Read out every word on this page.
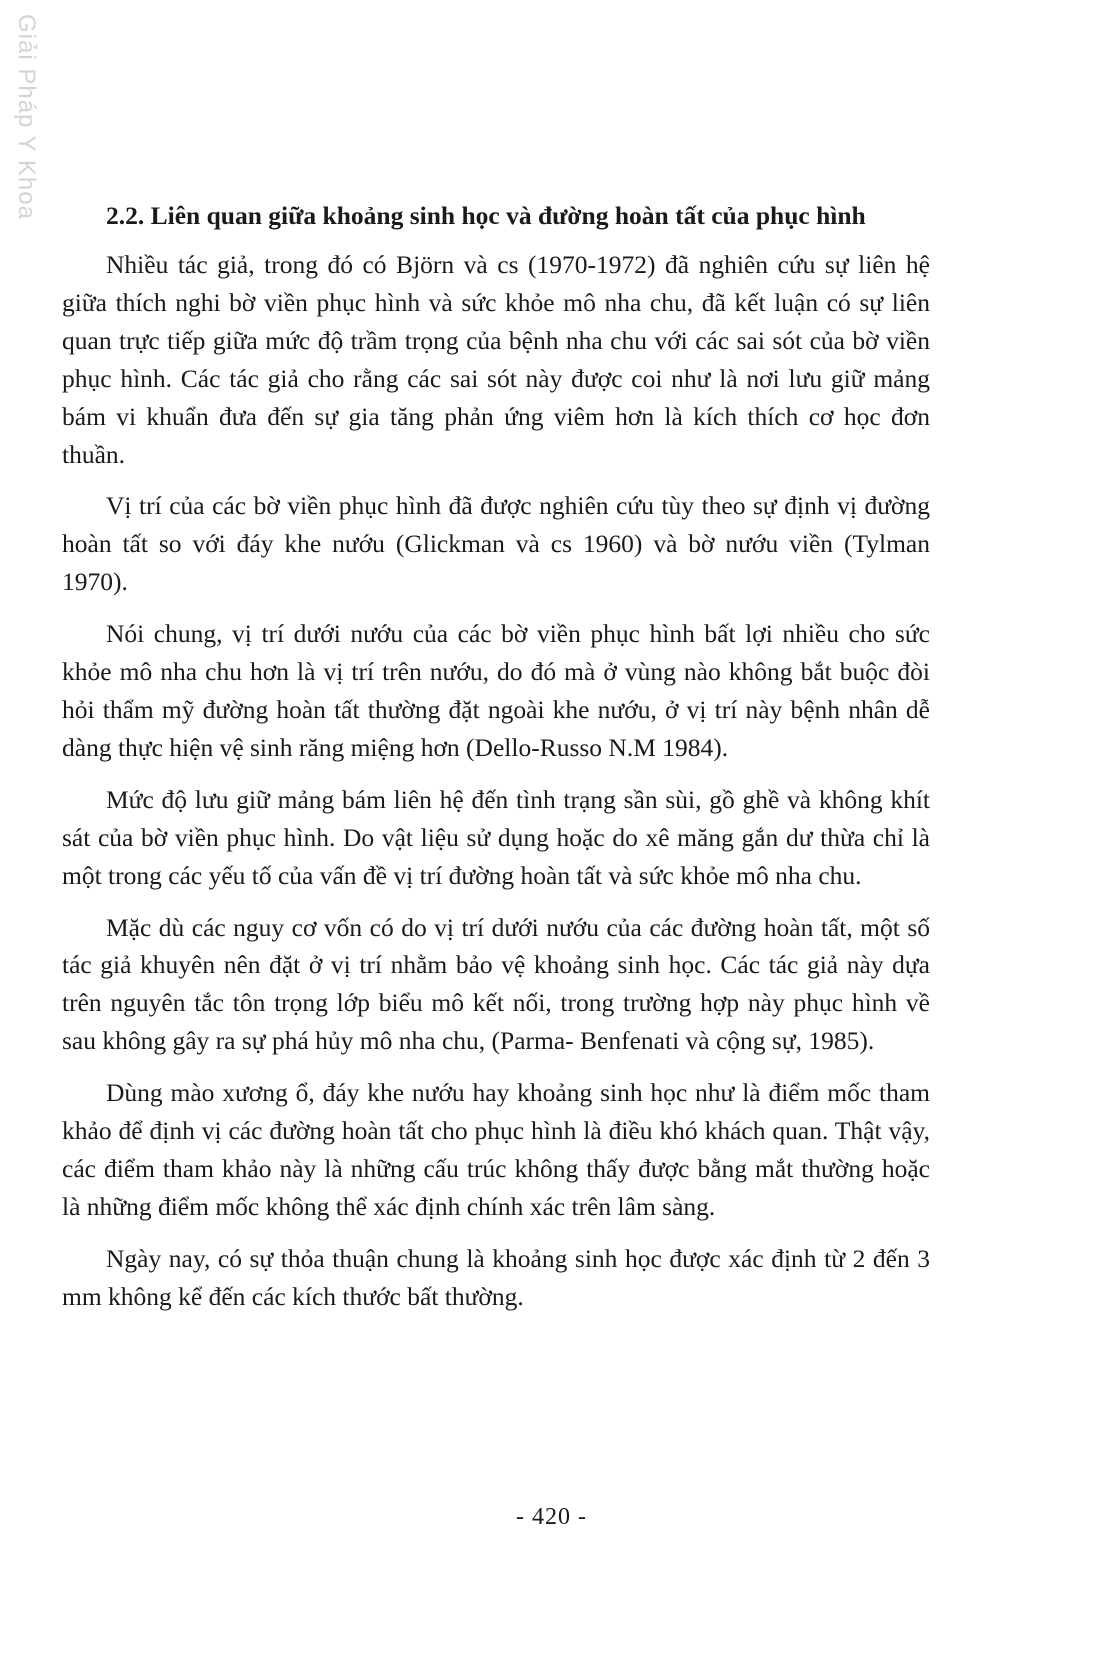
Giải Pháp Y Khoa	2.2. Liên quan giữa khoảng sinh học và đường hoàn tất của phục hình

Nhiều tác giả, trong đó có Björn và cs (1970-1972) đã nghiên cứu sự liên hệ giữa thích nghi bờ viền phục hình và sức khỏe mô nha chu, đã kết luận có sự liên quan trực tiếp giữa mức độ trầm trọng của bệnh nha chu với các sai sót của bờ viền phục hình. Các tác giả cho rằng các sai sót này được coi như là nơi lưu giữ mảng bám vi khuẩn đưa đến sự gia tăng phản ứng viêm hơn là kích thích cơ học đơn thuần.

Vị trí của các bờ viền phục hình đã được nghiên cứu tùy theo sự định vị đường hoàn tất so với đáy khe nướu (Glickman và cs 1960) và bờ nướu viền (Tylman 1970).

Nói chung, vị trí dưới nướu của các bờ viền phục hình bất lợi nhiều cho sức khỏe mô nha chu hơn là vị trí trên nướu, do đó mà ở vùng nào không bắt buộc đòi hỏi thẩm mỹ đường hoàn tất thường đặt ngoài khe nướu, ở vị trí này bệnh nhân dễ dàng thực hiện vệ sinh răng miệng hơn (Dello-Russo N.M 1984).

Mức độ lưu giữ mảng bám liên hệ đến tình trạng sần sùi, gồ ghề và không khít sát của bờ viền phục hình. Do vật liệu sử dụng hoặc do xê măng gắn dư thừa chỉ là một trong các yếu tố của vấn đề vị trí đường hoàn tất và sức khỏe mô nha chu.

Mặc dù các nguy cơ vốn có do vị trí dưới nướu của các đường hoàn tất, một số tác giả khuyên nên đặt ở vị trí nhằm bảo vệ khoảng sinh học. Các tác giả này dựa trên nguyên tắc tôn trọng lớp biểu mô kết nối, trong trường hợp này phục hình về sau không gây ra sự phá hủy mô nha chu, (Parma- Benfenati và cộng sự, 1985).

Dùng mào xương ổ, đáy khe nướu hay khoảng sinh học như là điểm mốc tham khảo để định vị các đường hoàn tất cho phục hình là điều khó khách quan. Thật vậy, các điểm tham khảo này là những cấu trúc không thấy được bằng mắt thường hoặc là những điểm mốc không thể xác định chính xác trên lâm sàng.

Ngày nay, có sự thỏa thuận chung là khoảng sinh học được xác định từ 2 đến 3 mm không kể đến các kích thước bất thường.

- 420 -
